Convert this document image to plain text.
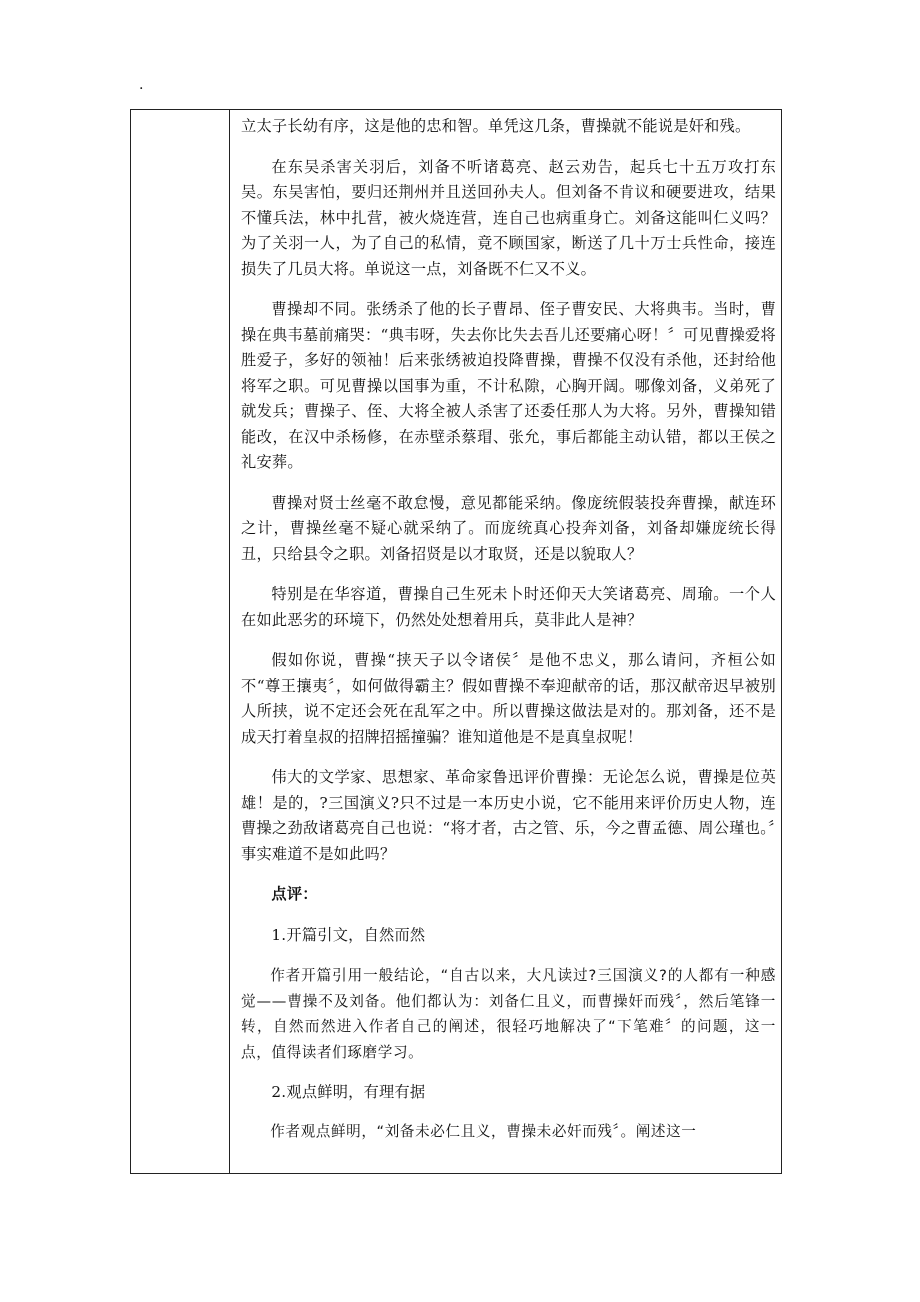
.

立太子长幼有序，这是他的忠和智。单凭这几条，曹操就不能说是奸和残。

在东吴杀害关羽后，刘备不听诸葛亮、赵云劝告，起兵七十五万攻打东吴。东吴害怕，要归还荆州并且送回孙夫人。但刘备不肯议和硬要进攻，结果不懂兵法，林中扎营，被火烧连营，连自己也病重身亡。刘备这能叫仁义吗？为了关羽一人，为了自己的私情，竟不顾国家，断送了几十万士兵性命，接连损失了几员大将。单说这一点，刘备既不仁又不义。

曹操却不同。张绣杀了他的长子曹昂、侄子曹安民、大将典韦。当时，曹操在典韦墓前痛哭：“典韦呀，失去你比失去吾儿还要痛心呀！〞可见曹操爱将胜爱子，多好的领袖！后来张绣被迫投降曹操，曹操不仅没有杀他，还封给他将军之职。可见曹操以国事为重，不计私隙，心胸开阔。哪像刘备，义弟死了就发兵；曹操子、侄、大将全被人杀害了还委任那人为大将。另外，曹操知错能改，在汉中杀杨修，在赤壁杀蔡瑁、张允，事后都能主动认错，都以王侯之礼安葬。

曹操对贤士丝毫不敢怠慢，意见都能采纳。像庞统假装投奔曹操，献连环之计，曹操丝毫不疑心就采纳了。而庞统真心投奔刘备，刘备却嫌庞统长得丑，只给县令之职。刘备招贤是以才取贤，还是以貌取人？

特别是在华容道，曹操自己生死未卜时还仰天大笑诸葛亮、周瑜。一个人在如此恶劣的环境下，仍然处处想着用兵，莫非此人是神？

假如你说，曹操“挟天子以令诸侯〞是他不忠义，那么请问，齐桓公如不“尊王攘夷〞，如何做得霸主？假如曹操不奉迎献帝的话，那汉献帝迟早被别人所挟，说不定还会死在乱军之中。所以曹操这做法是对的。那刘备，还不是成天打着皇叔的招牌招摇撞骗？谁知道他是不是真皇叔呢！

伟大的文学家、思想家、革命家鲁迅评价曹操：无论怎么说，曹操是位英雄！是的，?三国演义?只不过是一本历史小说，它不能用来评价历史人物，连曹操之劲敌诸葛亮自己也说：“将才者，古之管、乐，今之曹孟德、周公瑾也。〞事实难道不是如此吗？

点评：

1.开篇引文，自然而然

作者开篇引用一般结论，“自古以来，大凡读过?三国演义?的人都有一种感觉——曹操不及刘备。他们都认为：刘备仁且义，而曹操奸而残〞，然后笔锋一转，自然而然进入作者自己的阐述，很轻巧地解决了“下笔难〞的问题，这一点，值得读者们琢磨学习。

2.观点鲜明，有理有据

作者观点鲜明，“刘备未必仁且义，曹操未必奸而残〞。阐述这一
